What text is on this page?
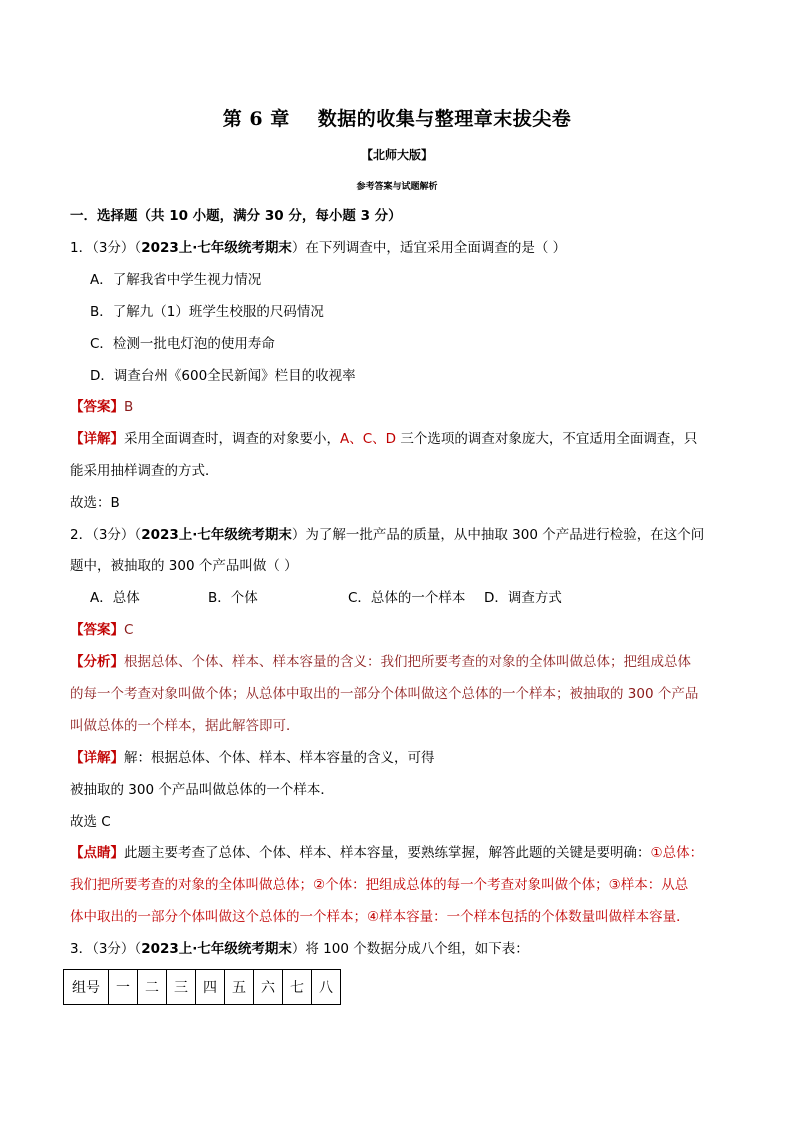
第 6 章 数据的收集与整理章末拔尖卷
【北师大版】
参考答案与试题解析
一．选择题（共 10 小题，满分 30 分，每小题 3 分）
1．（3分）（2023上·七年级统考期末）在下列调查中，适宜采用全面调查的是（ ）
A．了解我省中学生视力情况
B．了解九（1）班学生校服的尺码情况
C．检测一批电灯泡的使用寿命
D．调查台州《600全民新闻》栏目的收视率
【答案】B
【详解】采用全面调查时，调查的对象要小，A、C、D 三个选项的调查对象庞大，不宜适用全面调查，只
能采用抽样调查的方式．
故选：B
2．（3分）（2023上·七年级统考期末）为了解一批产品的质量，从中抽取 300 个产品进行检验，在这个问
题中，被抽取的 300 个产品叫做（ ）
A．总体	B．个体	C．总体的一个样本 D．调查方式
【答案】C
【分析】根据总体、个体、样本、样本容量的含义：我们把所要考查的对象的全体叫做总体；把组成总体
的每一个考查对象叫做个体；从总体中取出的一部分个体叫做这个总体的一个样本；被抽取的 300 个产品
叫做总体的一个样本，据此解答即可．
【详解】解：根据总体、个体、样本、样本容量的含义，可得
被抽取的 300 个产品叫做总体的一个样本．
故选 C
【点睛】此题主要考查了总体、个体、样本、样本容量，要熟练掌握，解答此题的关键是要明确：①总体：
我们把所要考查的对象的全体叫做总体；②个体：把组成总体的每一个考查对象叫做个体；③样本：从总
体中取出的一部分个体叫做这个总体的一个样本；④样本容量：一个样本包括的个体数量叫做样本容量．
3．（3分）（2023上·七年级统考期末）将 100 个数据分成八个组，如下表：
组号	一	二	三	四	五	六	七	八
